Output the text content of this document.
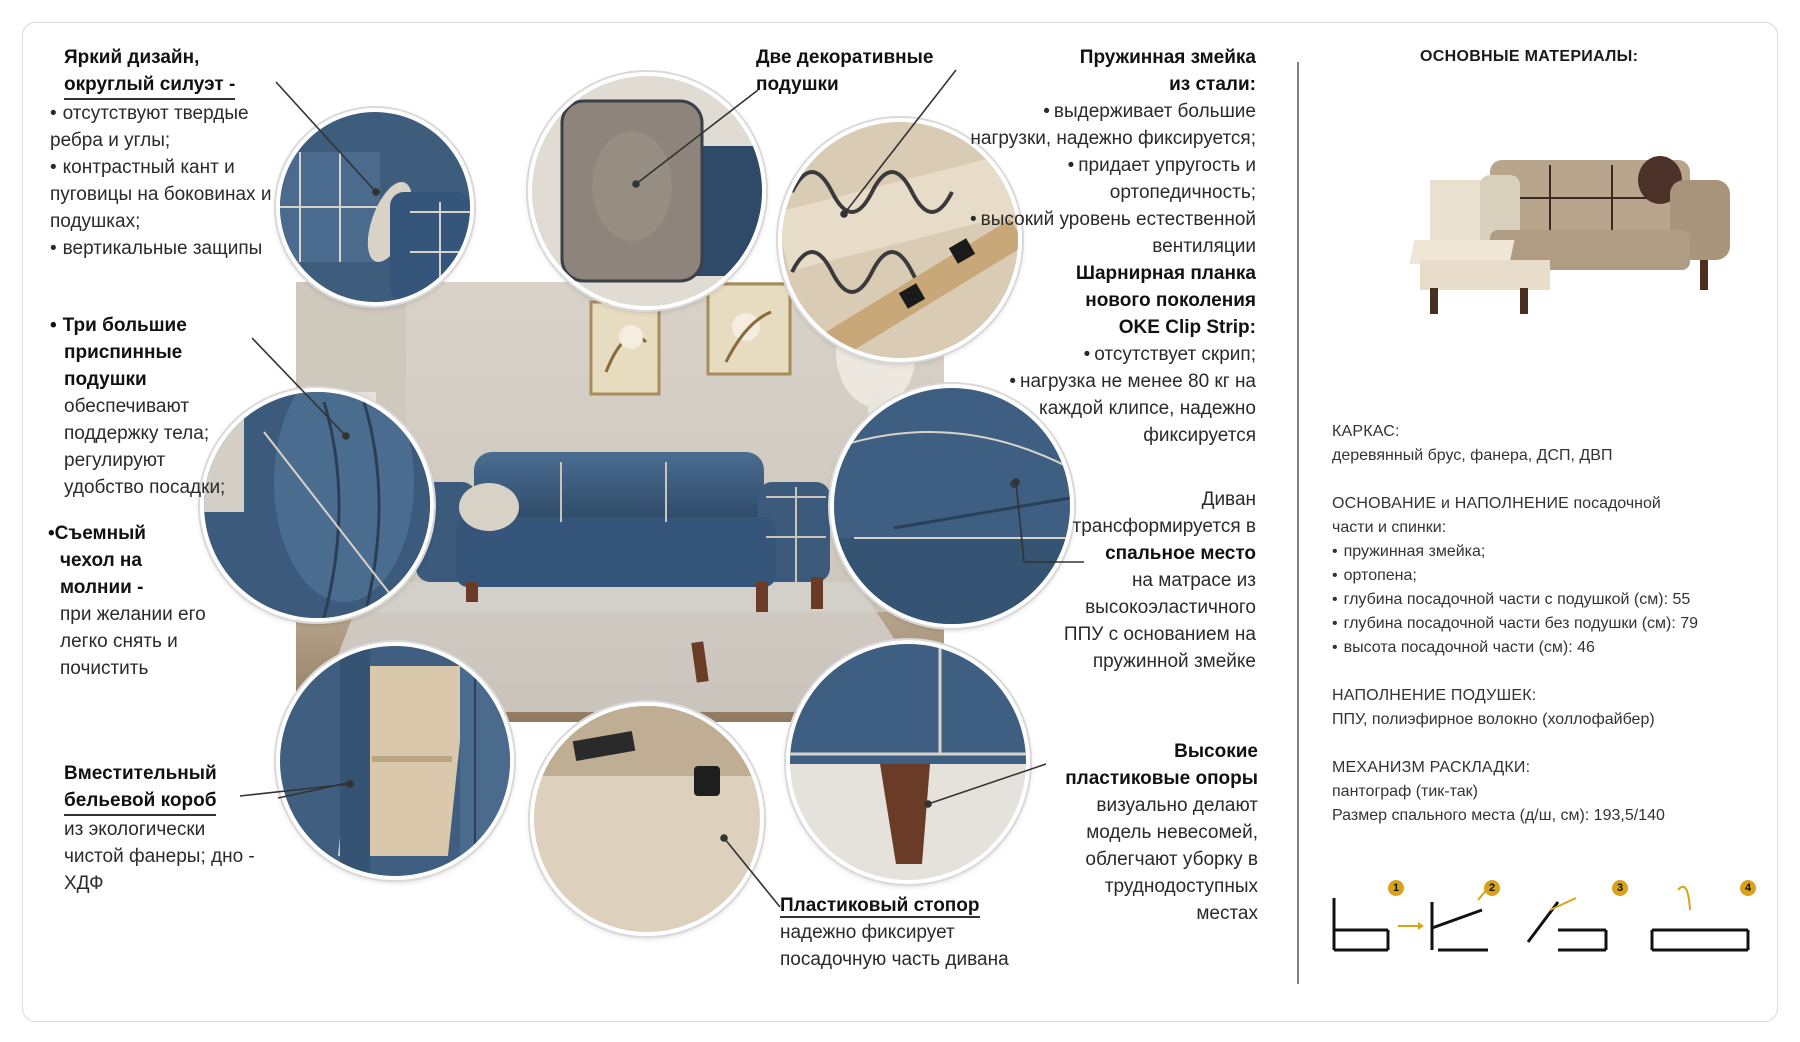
Яркий дизайн,
округлый силуэт -
• отсутствуют твердые ребра и углы;
• контрастный кант и пуговицы на боковинах и подушках;
• вертикальные защипы
• Три большие
приспинные
подушки
обеспечивают поддержку тела; регулируют удобство посадки;
•Съемный
чехол на
молнии -
при желании его легко снять и почистить
Вместительный
бельевой короб
из экологически чистой фанеры; дно - ХДФ
Две декоративные
подушки
Пружинная змейка
из стали:
• выдерживает большие нагрузки, надежно фиксируется;
• придает упругость и ортопедичность;
• высокий уровень естественной вентиляции
Шарнирная планка
нового поколения
OKE Clip Strip:
• отсутствует скрип;
• нагрузка не менее 80 кг на каждой клипсе, надежно фиксируется
Диван
трансформируется в
спальное место
на матрасе из высокоэластичного ППУ с основанием на пружинной змейке
Высокие
пластиковые опоры
визуально делают модель невесомей, облегчают уборку в труднодоступных местах
Пластиковый стопор
надежно фиксирует посадочную часть дивана
ОСНОВНЫЕ МАТЕРИАЛЫ:
КАРКАС:
деревянный брус, фанера, ДСП, ДВП
ОСНОВАНИЕ и НАПОЛНЕНИЕ посадочной
части и спинки:
• пружинная змейка;
• ортопена;
• глубина посадочной части с подушкой (см): 55
• глубина посадочной части без подушки (см): 79
• высота посадочной части (см): 46
НАПОЛНЕНИЕ ПОДУШЕК:
ППУ, полиэфирное волокно (холлофайбер)
МЕХАНИЗМ РАСКЛАДКИ:
пантограф (тик-так)
Размер спального места (д/ш, см): 193,5/140
1	2	3	4
